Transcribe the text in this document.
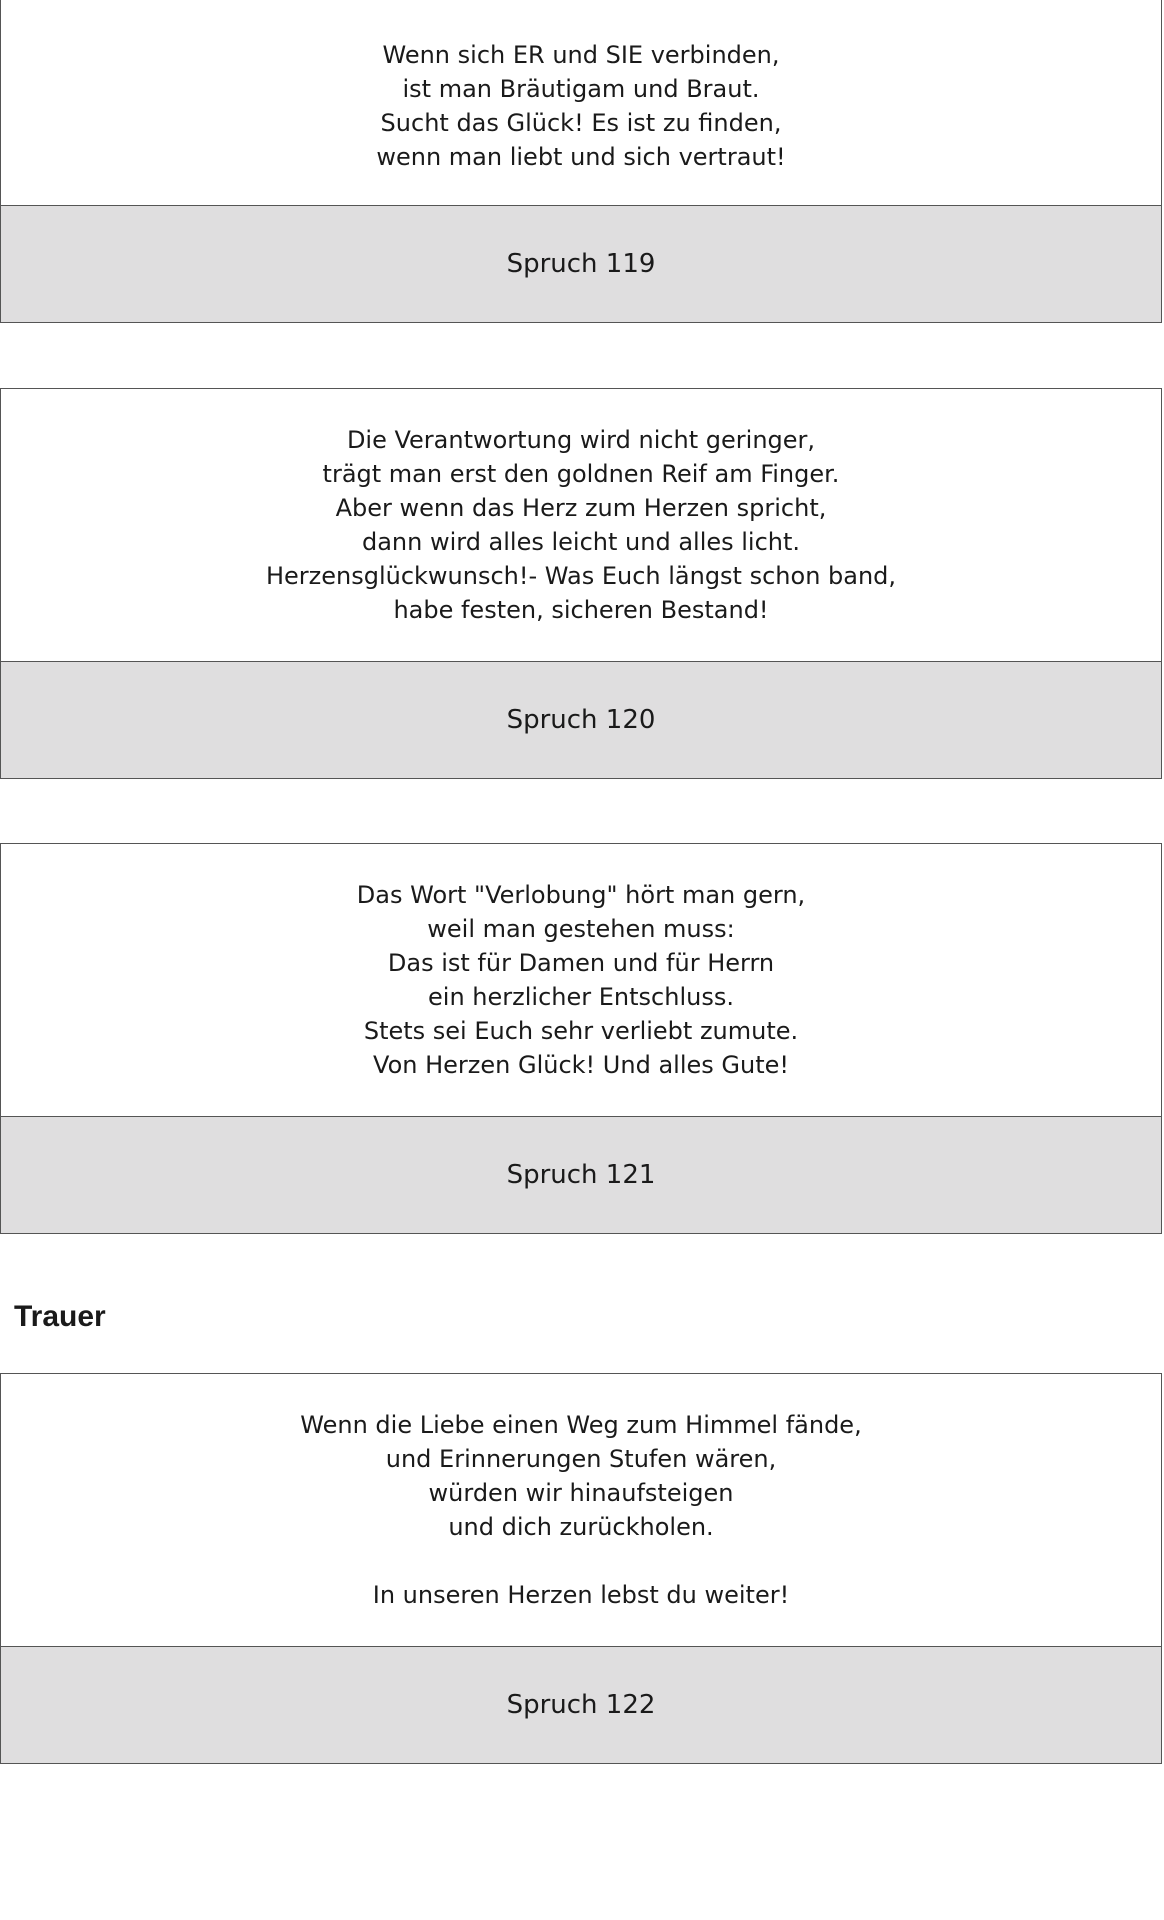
Wenn sich ER und SIE verbinden,
ist man Bräutigam und Braut.
Sucht das Glück! Es ist zu finden,
wenn man liebt und sich vertraut!
Spruch 119
Die Verantwortung wird nicht geringer,
trägt man erst den goldnen Reif am Finger.
Aber wenn das Herz zum Herzen spricht,
dann wird alles leicht und alles licht.
Herzensglückwunsch!- Was Euch längst schon band,
habe festen, sicheren Bestand!
Spruch 120
Das Wort "Verlobung" hört man gern,
weil man gestehen muss:
Das ist für Damen und für Herrn
ein herzlicher Entschluss.
Stets sei Euch sehr verliebt zumute.
Von Herzen Glück! Und alles Gute!
Spruch 121
Trauer
Wenn die Liebe einen Weg zum Himmel fände,
und Erinnerungen Stufen wären,
würden wir hinaufsteigen
und dich zurückholen.
In unseren Herzen lebst du weiter!
Spruch 122
